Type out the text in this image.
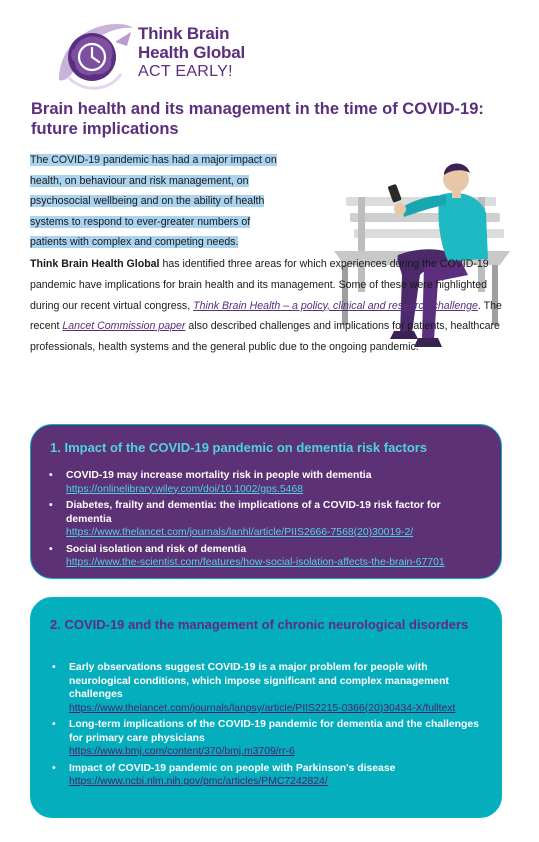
Think Brain
Health Global
ACT EARLY!
Brain health and its management in the time of COVID-19: future implications
The COVID-19 pandemic has had a major impact on
health, on behaviour and risk management, on
psychosocial wellbeing and on the ability of health
systems to respond to ever-greater numbers of
patients with complex and competing needs.
Think Brain Health Global has identified three areas for which experiences during the COVID-19 pandemic have implications for brain health and its management. Some of these were highlighted during our recent virtual congress, Think Brain Health – a policy, clinical and research challenge. The recent Lancet Commission paper also described challenges and implications for patients, healthcare professionals, health systems and the general public due to the ongoing pandemic.
1. Impact of the COVID-19 pandemic on dementia risk factors
• COVID-19 may increase mortality risk in people with dementia
https://onlinelibrary.wiley.com/doi/10.1002/gps.5468
• Diabetes, frailty and dementia: the implications of a COVID-19 risk factor for dementia
https://www.thelancet.com/journals/lanhl/article/PIIS2666-7568(20)30019-2/
• Social isolation and risk of dementia
https://www.the-scientist.com/features/how-social-isolation-affects-the-brain-67701
2. COVID-19 and the management of chronic neurological disorders
• Early observations suggest COVID-19 is a major problem for people with neurological conditions, which impose significant and complex management challenges
https://www.thelancet.com/journals/lanpsy/article/PIIS2215-0366(20)30434-X/fulltext
• Long-term implications of the COVID-19 pandemic for dementia and the challenges for primary care physicians
https://www.bmj.com/content/370/bmj.m3709/rr-6
• Impact of COVID-19 pandemic on people with Parkinson's disease
https://www.ncbi.nlm.nih.gov/pmc/articles/PMC7242824/
